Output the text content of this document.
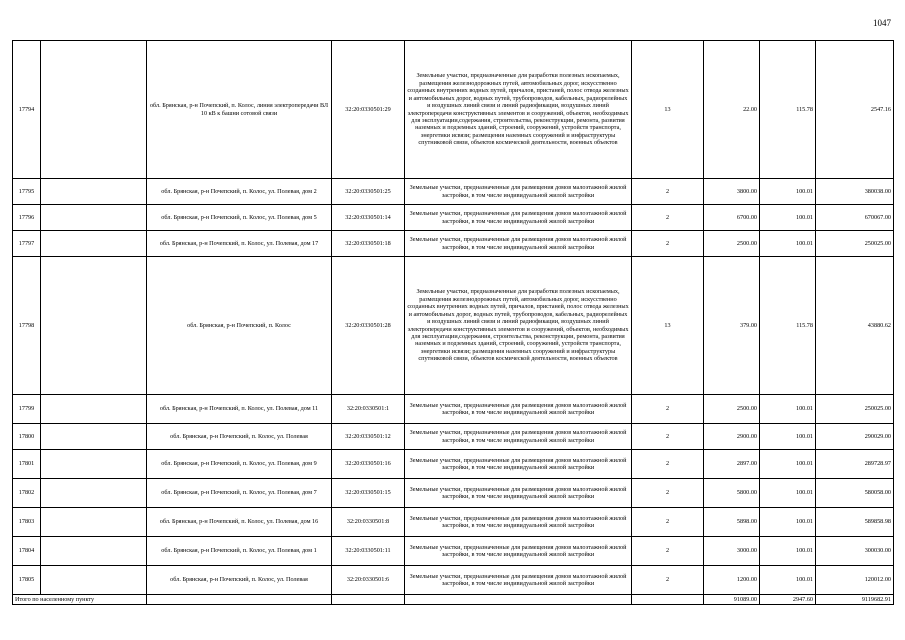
1047
17794		обл. Брянская, р-н Почепский, п. Колос, линия электропередачи ВЛ 10 кВ к башни сотовой связи	32:20:0330501:29	Земельные участки, предназначенные для разработки полезных ископаемых, размещения железнодорожных путей, автомобильных дорог, искусственно созданных внутренних водных путей, причалов, пристаней, полос отвода железных и автомобильных дорог, водных путей, трубопроводов, кабельных, радиорелейных и воздушных линий связи и линий радиофикации, воздушных линий электропередачи конструктивных элементов и сооружений, объектов, необходимых для эксплуатации,содержания, строительства, реконструкции, ремонта, развития наземных и подземных зданий, строений, сооружений, устройств транспорта, энергетики исвязи; размещения наземных сооружений и инфраструктуры спутниковой связи, объектов космической деятельности, военных объектов	13	22.00	115.78	2547.16
17795		обл. Брянская, р-н Почепский, п. Колос, ул. Полевая, дом 2	32:20:0330501:25	Земельные участки, предназначенные для размещения домов малоэтажной жилой застройки, в том числе индивидуальной жилой застройки	2	3800.00	100.01	380038.00
17796		обл. Брянская, р-н Почепский, п. Колос, ул. Полевая, дом 5	32:20:0330501:14	Земельные участки, предназначенные для размещения домов малоэтажной жилой застройки, в том числе индивидуальной жилой застройки	2	6700.00	100.01	670067.00
17797		обл. Брянская, р-н Почепский, п. Колос, ул. Полевая, дом 17	32:20:0330501:18	Земельные участки, предназначенные для размещения домов малоэтажной жилой застройки, в том числе индивидуальной жилой застройки	2	2500.00	100.01	250025.00
17798		обл. Брянская, р-н Почепский, п. Колос	32:20:0330501:28	Земельные участки, предназначенные для разработки полезных ископаемых, размещения железнодорожных путей, автомобильных дорог, искусственно созданных внутренних водных путей, причалов, пристаней, полос отвода железных и автомобильных дорог, водных путей, трубопроводов, кабельных, радиорелейных и воздушных линий связи и линий радиофикации, воздушных линий электропередачи конструктивных элементов и сооружений, объектов, необходимых для эксплуатации,содержания, строительства, реконструкции, ремонта, развития наземных и подземных зданий, строений, сооружений, устройств транспорта, энергетики исвязи; размещения наземных сооружений и инфраструктуры спутниковой связи, объектов космической деятельности, военных объектов	13	379.00	115.78	43880.62
17799		обл. Брянская, р-н Почепский, п. Колос, ул. Полевая, дом 11	32:20:0330501:1	Земельные участки, предназначенные для размещения домов малоэтажной жилой застройки, в том числе индивидуальной жилой застройки	2	2500.00	100.01	250025.00
17800		обл. Брянская, р-н Почепский, п. Колос, ул. Полевая	32:20:0330501:12	Земельные участки, предназначенные для размещения домов малоэтажной жилой застройки, в том числе индивидуальной жилой застройки	2	2900.00	100.01	290029.00
17801		обл. Брянская, р-н Почепский, п. Колос, ул. Полевая, дом 9	32:20:0330501:16	Земельные участки, предназначенные для размещения домов малоэтажной жилой застройки, в том числе индивидуальной жилой застройки	2	2897.00	100.01	289728.97
17802		обл. Брянская, р-н Почепский, п. Колос, ул. Полевая, дом 7	32:20:0330501:15	Земельные участки, предназначенные для размещения домов малоэтажной жилой застройки, в том числе индивидуальной жилой застройки	2	5800.00	100.01	580058.00
17803		обл. Брянская, р-н Почепский, п. Колос, ул. Полевая, дом 16	32:20:0330501:8	Земельные участки, предназначенные для размещения домов малоэтажной жилой застройки, в том числе индивидуальной жилой застройки	2	5898.00	100.01	589858.98
17804		обл. Брянская, р-н Почепский, п. Колос, ул. Полевая, дом 1	32:20:0330501:11	Земельные участки, предназначенные для размещения домов малоэтажной жилой застройки, в том числе индивидуальной жилой застройки	2	3000.00	100.01	300030.00
17805		обл. Брянская, р-н Почепский, п. Колос, ул. Полевая	32:20:0330501:6	Земельные участки, предназначенные для размещения домов малоэтажной жилой застройки, в том числе индивидуальной жилой застройки	2	1200.00	100.01	120012.00
Итого по населенному пункту						91089.00	2947.60	9119682.91
